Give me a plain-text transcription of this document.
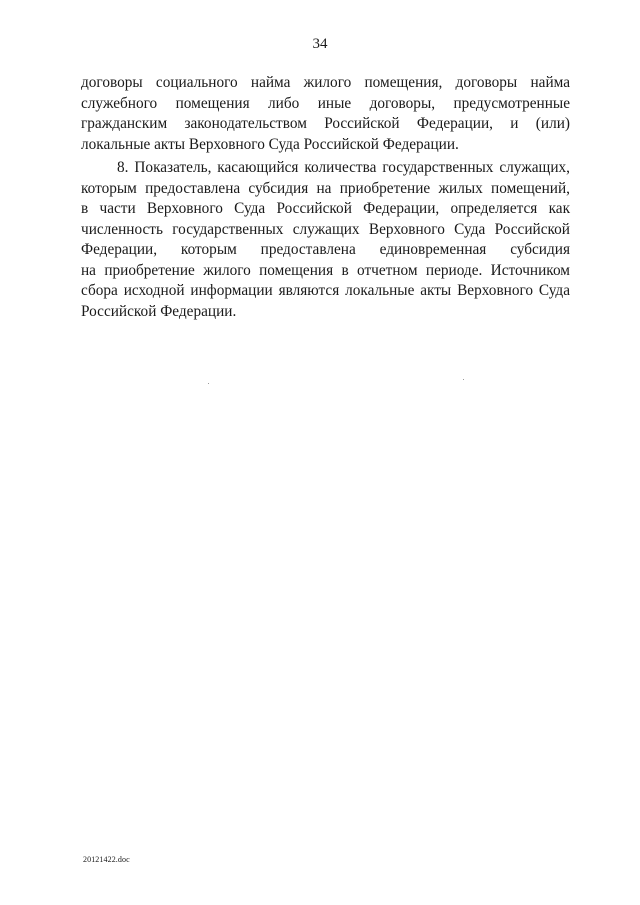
34
договоры социального найма жилого помещения, договоры найма
служебного помещения либо иные договоры, предусмотренные
гражданским законодательством Российской Федерации, и (или)
локальные акты Верховного Суда Российской Федерации.
8. Показатель, касающийся количества государственных служащих,
которым предоставлена субсидия на приобретение жилых помещений,
в части Верховного Суда Российской Федерации, определяется как
численность государственных служащих Верховного Суда Российской
Федерации, которым предоставлена единовременная субсидия
на приобретение жилого помещения в отчетном периоде. Источником
сбора исходной информации являются локальные акты Верховного Суда
Российской Федерации.
20121422.doc
